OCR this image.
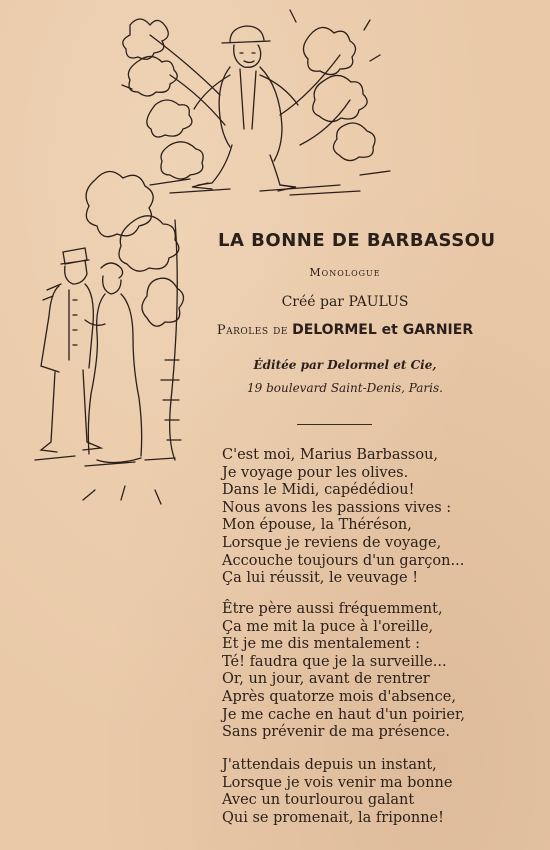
LA BONNE DE BARBASSOU
Monologue
Créé par PAULUS
Paroles de DELORMEL et GARNIER
Éditée par Delormel et Cie,
19 boulevard Saint-Denis, Paris.
C'est moi, Marius Barbassou,
Je voyage pour les olives.
Dans le Midi, capédédiou!
Nous avons les passions vives :
Mon épouse, la Théréson,
Lorsque je reviens de voyage,
Accouche toujours d'un garçon...
Ça lui réussit, le veuvage !
Être père aussi fréquemment,
Ça me mit la puce à l'oreille,
Et je me dis mentalement :
Té! faudra que je la surveille...
Or, un jour, avant de rentrer
Après quatorze mois d'absence,
Je me cache en haut d'un poirier,
Sans prévenir de ma présence.
J'attendais depuis un instant,
Lorsque je vois venir ma bonne
Avec un tourlourou galant
Qui se promenait, la friponne!
